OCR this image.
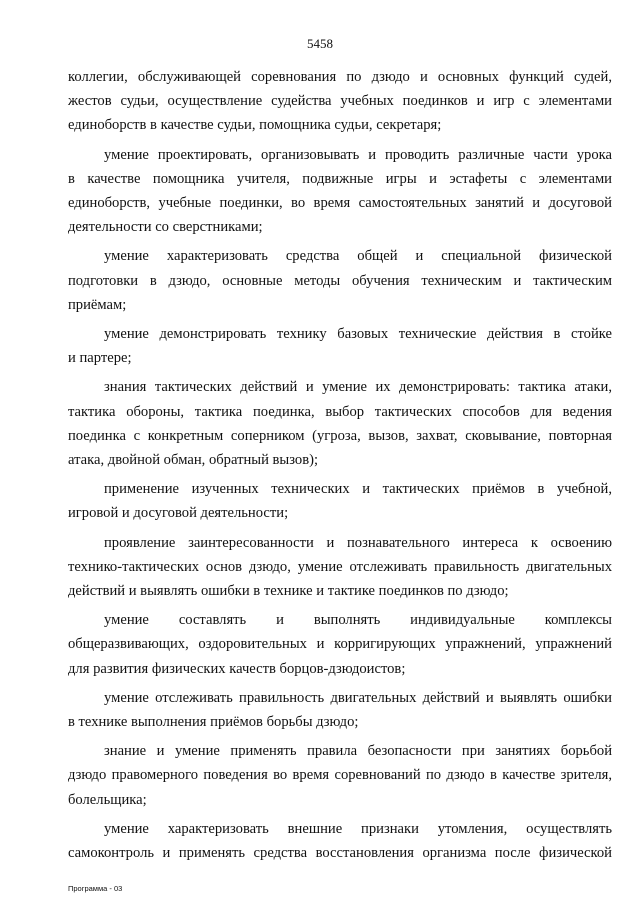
5458
коллегии, обслуживающей соревнования по дзюдо и основных функций судей,
жестов судьи, осуществление судейства учебных поединков и игр с элементами
единоборств в качестве судьи, помощника судьи, секретаря;
умение проектировать, организовывать и проводить различные части урока
в качестве помощника учителя, подвижные игры и эстафеты с элементами
единоборств, учебные поединки, во время самостоятельных занятий и досуговой
деятельности со сверстниками;
умение характеризовать средства общей и специальной физической
подготовки в дзюдо, основные методы обучения техническим и тактическим
приёмам;
умение демонстрировать технику базовых технические действия в стойке
и партере;
знания тактических действий и умение их демонстрировать: тактика атаки,
тактика обороны, тактика поединка, выбор тактических способов для ведения
поединка с конкретным соперником (угроза, вызов, захват, сковывание, повторная
атака, двойной обман, обратный вызов);
применение изученных технических и тактических приёмов в учебной,
игровой и досуговой деятельности;
проявление заинтересованности и познавательного интереса к освоению
технико-тактических основ дзюдо, умение отслеживать правильность двигательных
действий и выявлять ошибки в технике и тактике поединков по дзюдо;
умение составлять и выполнять индивидуальные комплексы
общеразвивающих, оздоровительных и корригирующих упражнений, упражнений
для развития физических качеств борцов-дзюдоистов;
умение отслеживать правильность двигательных действий и выявлять ошибки
в технике выполнения приёмов борьбы дзюдо;
знание и умение применять правила безопасности при занятиях борьбой
дзюдо правомерного поведения во время соревнований по дзюдо в качестве зрителя,
болельщика;
умение характеризовать внешние признаки утомления, осуществлять
самоконтроль и применять средства восстановления организма после физической
Программа - 03
